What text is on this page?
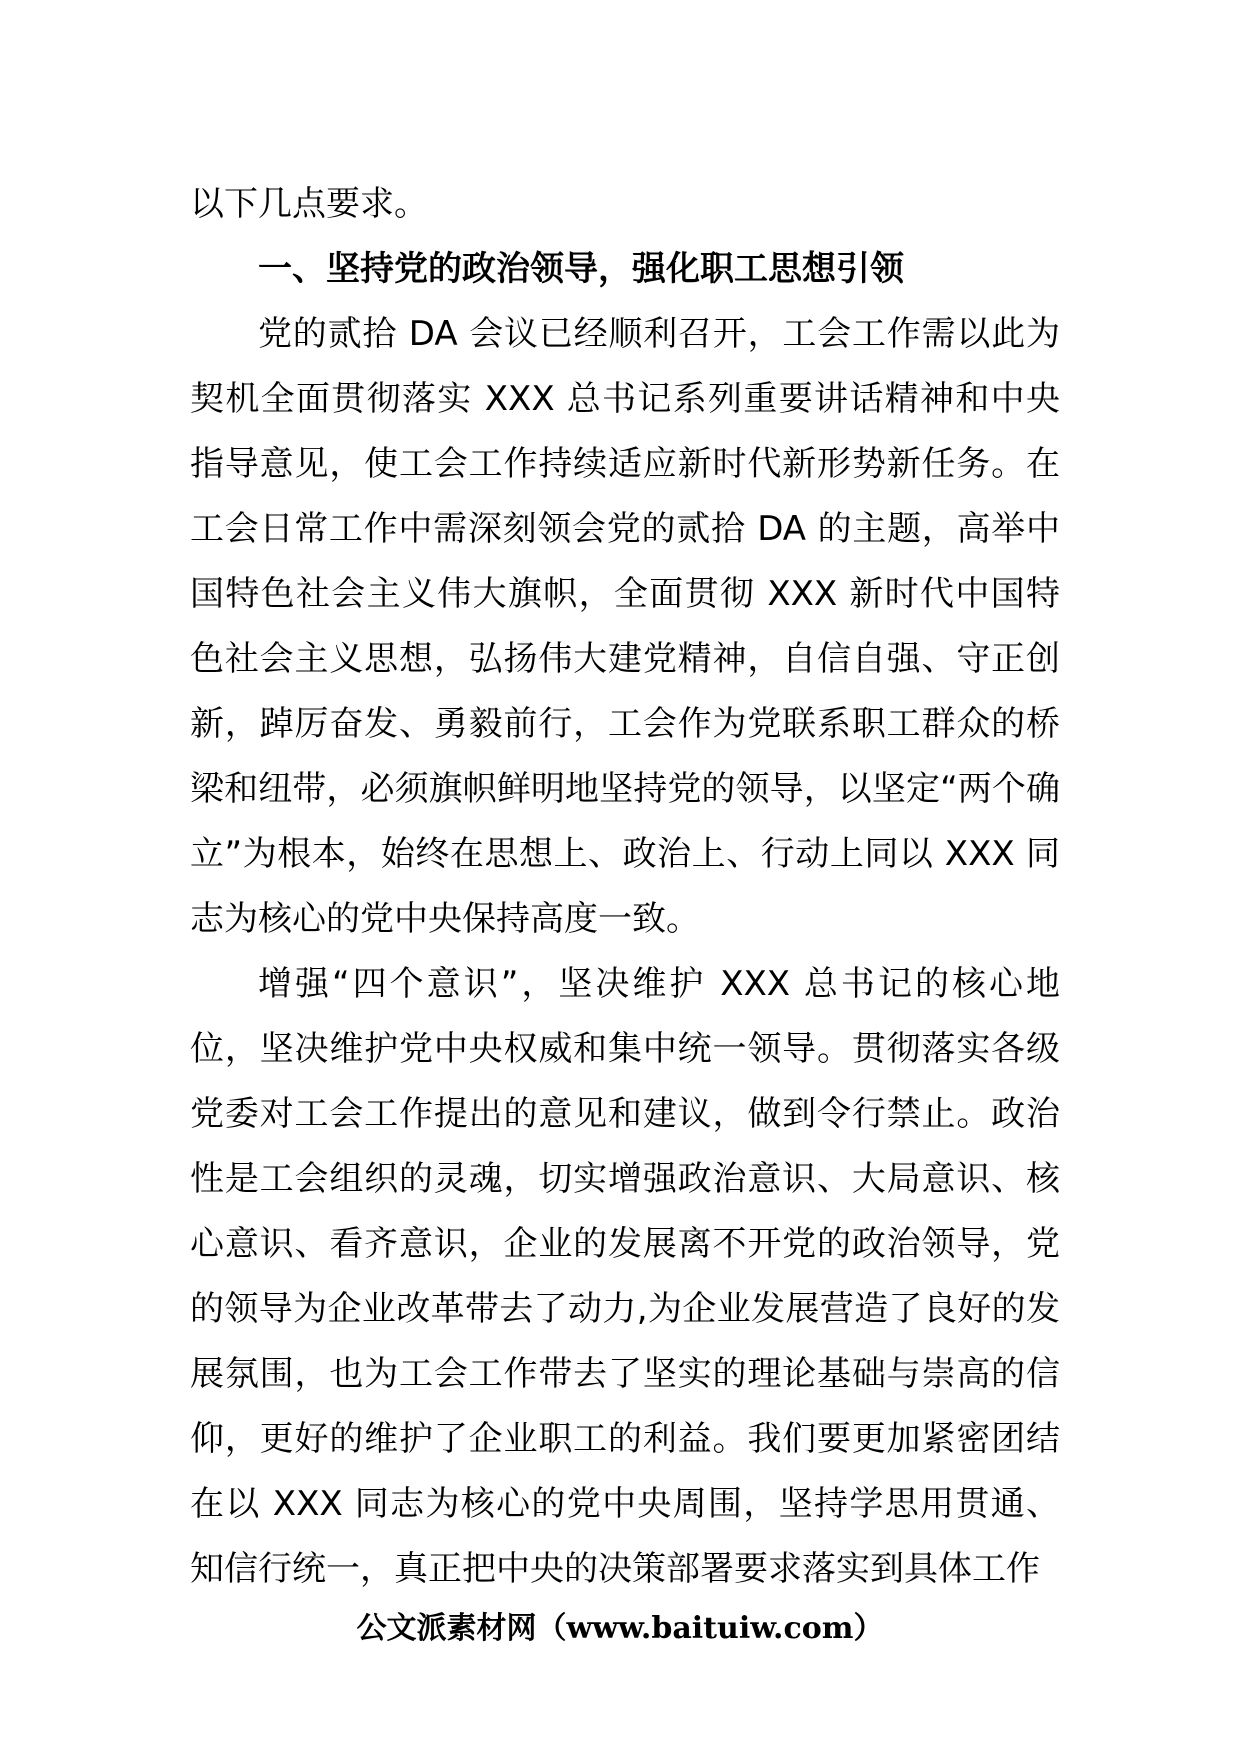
以下几点要求。

一、坚持党的政治领导，强化职工思想引领

党的贰拾 DA 会议已经顺利召开，工会工作需以此为契机全面贯彻落实 XXX 总书记系列重要讲话精神和中央指导意见，使工会工作持续适应新时代新形势新任务。在工会日常工作中需深刻领会党的贰拾 DA 的主题，高举中国特色社会主义伟大旗帜，全面贯彻 XXX 新时代中国特色社会主义思想，弘扬伟大建党精神，自信自强、守正创新，踔厉奋发、勇毅前行，工会作为党联系职工群众的桥梁和纽带，必须旗帜鲜明地坚持党的领导，以坚定“两个确立”为根本，始终在思想上、政治上、行动上同以 XXX 同志为核心的党中央保持高度一致。

增强“四个意识”，坚决维护 XXX 总书记的核心地位，坚决维护党中央权威和集中统一领导。贯彻落实各级党委对工会工作提出的意见和建议，做到令行禁止。政治性是工会组织的灵魂，切实增强政治意识、大局意识、核心意识、看齐意识，企业的发展离不开党的政治领导，党的领导为企业改革带去了动力,为企业发展营造了良好的发展氛围，也为工会工作带去了坚实的理论基础与崇高的信仰，更好的维护了企业职工的利益。我们要更加紧密团结在以 XXX 同志为核心的党中央周围，坚持学思用贯通、知信行统一，真正把中央的决策部署要求落实到具体工作

公文派素材网（www.baituiw.com）
